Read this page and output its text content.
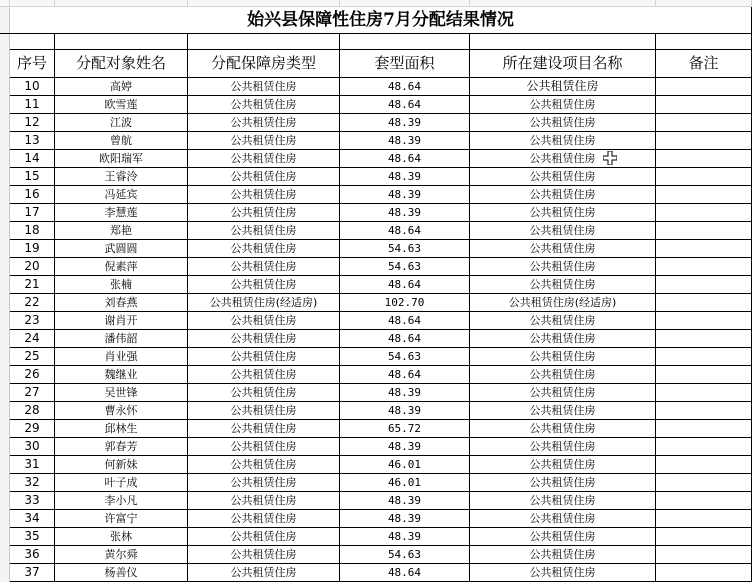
	始兴县保障性住房7月分配结果情况					

	序号	分配对象姓名	分配保障房类型	套型面积	所在建设项目名称	备注
	10	高婷	公共租赁住房	48.64	公共租赁住房	
	11	欧雪莲	公共租赁住房	48.64	公共租赁住房	
	12	江波	公共租赁住房	48.39	公共租赁住房	
	13	曾航	公共租赁住房	48.39	公共租赁住房	
	14	欧阳瑞军	公共租赁住房	48.64	公共租赁住房	
	15	王睿泠	公共租赁住房	48.39	公共租赁住房	
	16	冯延宾	公共租赁住房	48.39	公共租赁住房	
	17	李慧莲	公共租赁住房	48.39	公共租赁住房	
	18	郑艳	公共租赁住房	48.64	公共租赁住房	
	19	武圆圆	公共租赁住房	54.63	公共租赁住房	
	20	倪素萍	公共租赁住房	54.63	公共租赁住房	
	21	张楠	公共租赁住房	48.64	公共租赁住房	
	22	刘春燕	公共租赁住房(经适房)	102.70	公共租赁住房(经适房)	
	23	谢肖开	公共租赁住房	48.64	公共租赁住房	
	24	潘伟韶	公共租赁住房	48.64	公共租赁住房	
	25	肖业强	公共租赁住房	54.63	公共租赁住房	
	26	魏继业	公共租赁住房	48.64	公共租赁住房	
	27	吴世锋	公共租赁住房	48.39	公共租赁住房	
	28	曹永怀	公共租赁住房	48.39	公共租赁住房	
	29	邱林生	公共租赁住房	65.72	公共租赁住房	
	30	郭春芳	公共租赁住房	48.39	公共租赁住房	
	31	何新妹	公共租赁住房	46.01	公共租赁住房	
	32	叶子成	公共租赁住房	46.01	公共租赁住房	
	33	李小凡	公共租赁住房	48.39	公共租赁住房	
	34	许富宁	公共租赁住房	48.39	公共租赁住房	
	35	张林	公共租赁住房	48.39	公共租赁住房	
	36	黄尔舜	公共租赁住房	54.63	公共租赁住房	
	37	杨善仪	公共租赁住房	48.64	公共租赁住房	
